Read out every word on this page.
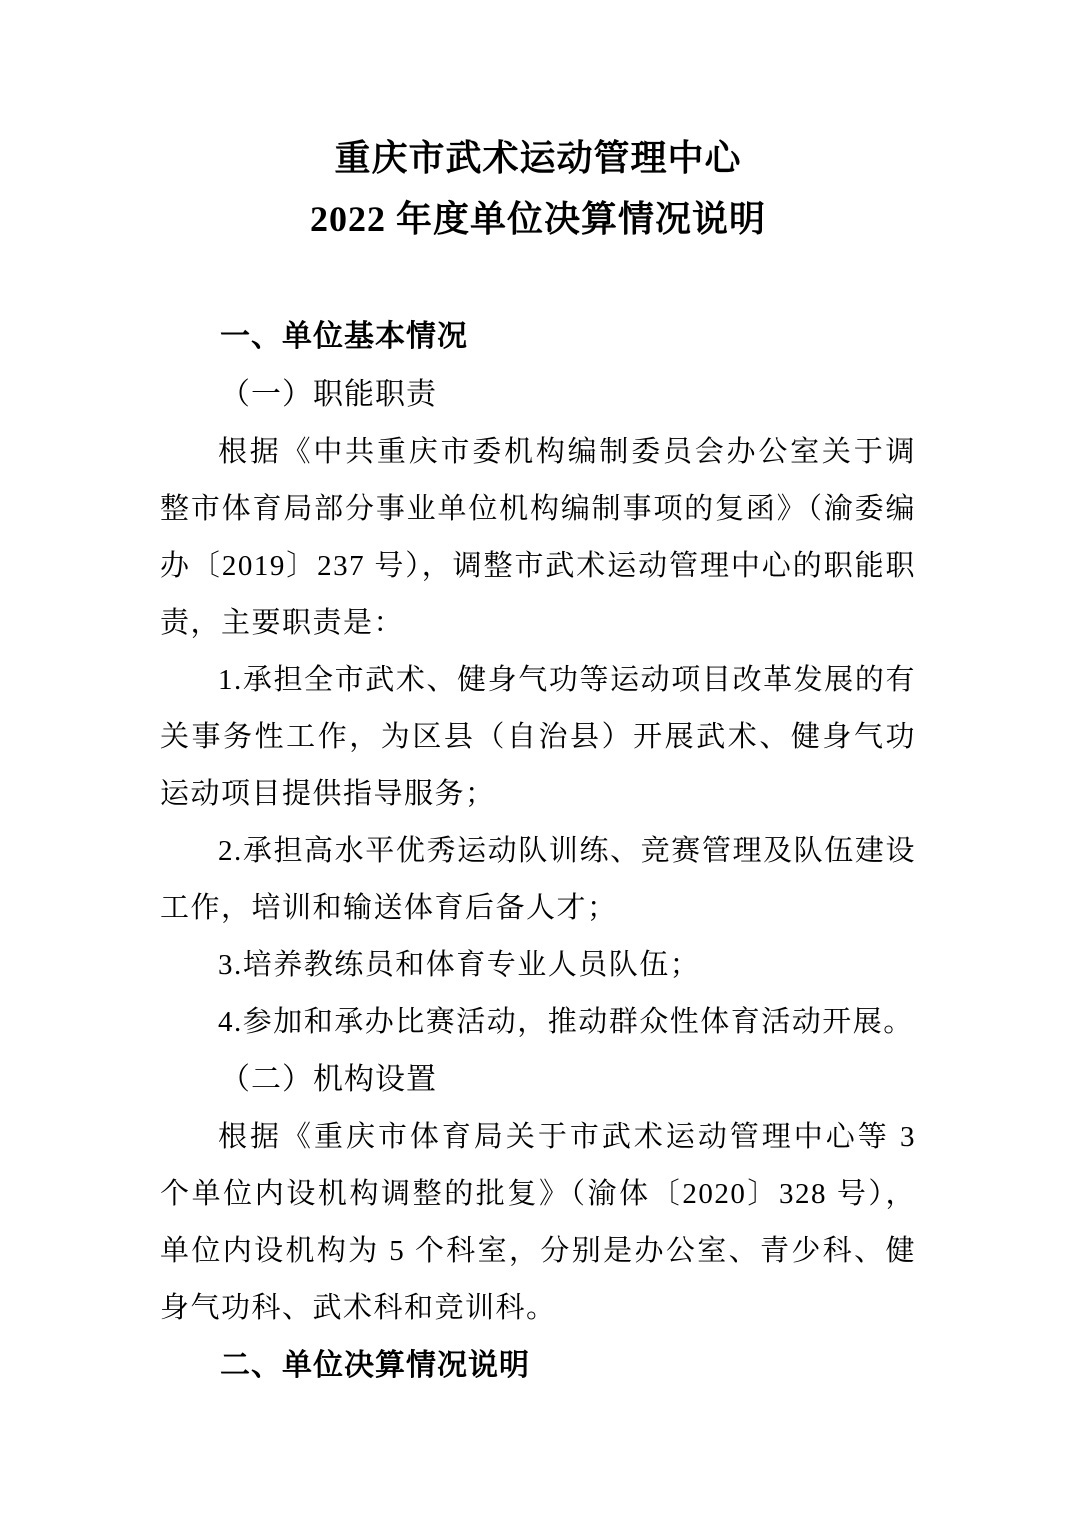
重庆市武术运动管理中心
2022 年度单位决算情况说明
一、单位基本情况
（一）职能职责
根据《中共重庆市委机构编制委员会办公室关于调整市体育局部分事业单位机构编制事项的复函》（渝委编办〔2019〕237 号），调整市武术运动管理中心的职能职责，主要职责是：
1.承担全市武术、健身气功等运动项目改革发展的有关事务性工作，为区县（自治县）开展武术、健身气功运动项目提供指导服务；
2.承担高水平优秀运动队训练、竞赛管理及队伍建设工作，培训和输送体育后备人才；
3.培养教练员和体育专业人员队伍；
4.参加和承办比赛活动，推动群众性体育活动开展。
（二）机构设置
根据《重庆市体育局关于市武术运动管理中心等 3 个单位内设机构调整的批复》（渝体〔2020〕328 号），单位内设机构为 5 个科室，分别是办公室、青少科、健身气功科、武术科和竞训科。
二、单位决算情况说明
